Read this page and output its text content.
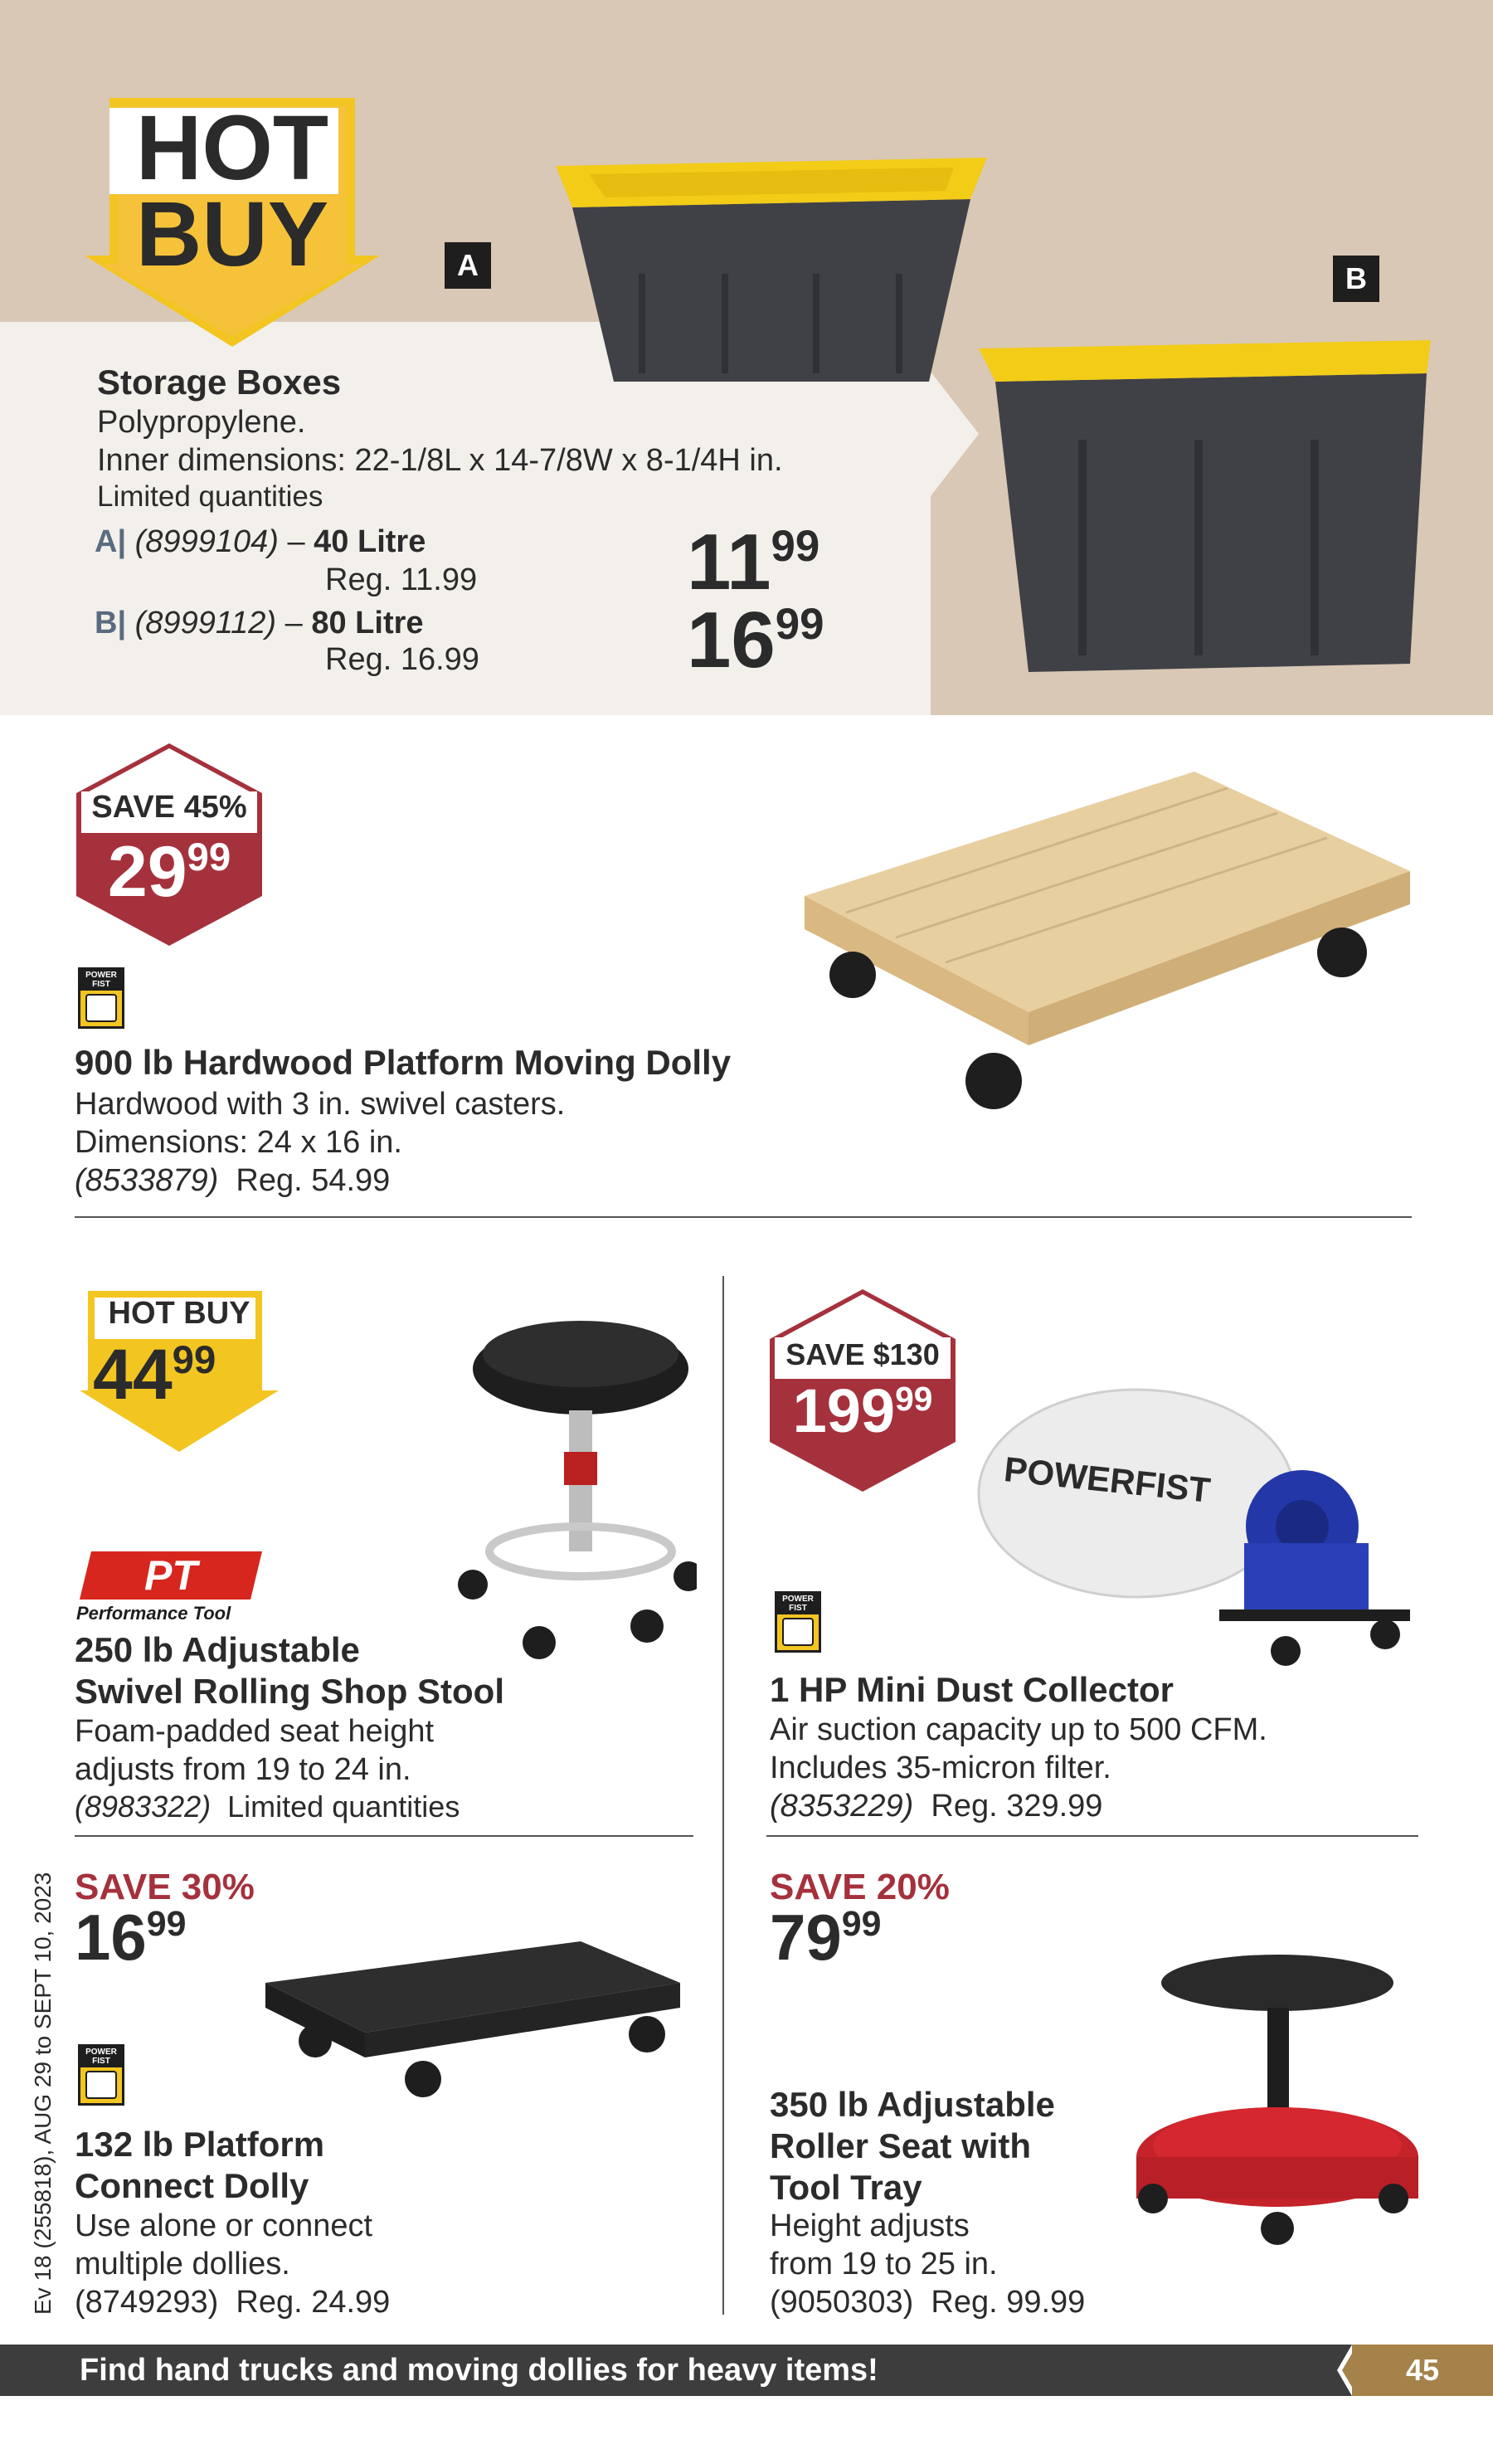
HOT
BUY	A	B
Storage Boxes
Polypropylene.
Inner dimensions: 22-1/8L x 14-7/8W x 8-1/4H in.
Limited quantities
A| (8999104) – 40 Litre
Reg. 11.99	$11^{99}$
B| (8999112) – 80 Litre
Reg. 16.99	$16^{99}$
SAVE 45%
$29^{99}$
POWER FIST
900 lb Hardwood Platform Moving Dolly
Hardwood with 3 in. swivel casters.
Dimensions: 24 x 16 in.
(8533879) Reg. 54.99
HOT BUY
$44^{99}$
PT
Performance Tool
250 lb Adjustable
Swivel Rolling Shop Stool
Foam-padded seat height
adjusts from 19 to 24 in.
(8983322) Limited quantities
SAVE $130
$199^{99}$
POWERFIST
POWER FIST
1 HP Mini Dust Collector
Air suction capacity up to 500 CFM.
Includes 35-micron filter.
(8353229) Reg. 329.99
SAVE 30%
$16^{99}$
POWER FIST
132 lb Platform
Connect Dolly
Use alone or connect
multiple dollies.
(8749293) Reg. 24.99
SAVE 20%
$79^{99}$
350 lb Adjustable
Roller Seat with
Tool Tray
Height adjusts
from 19 to 25 in.
(9050303) Reg. 99.99
Ev 18 (255818), AUG 29 to SEPT 10, 2023
Find hand trucks and moving dollies for heavy items!	45
